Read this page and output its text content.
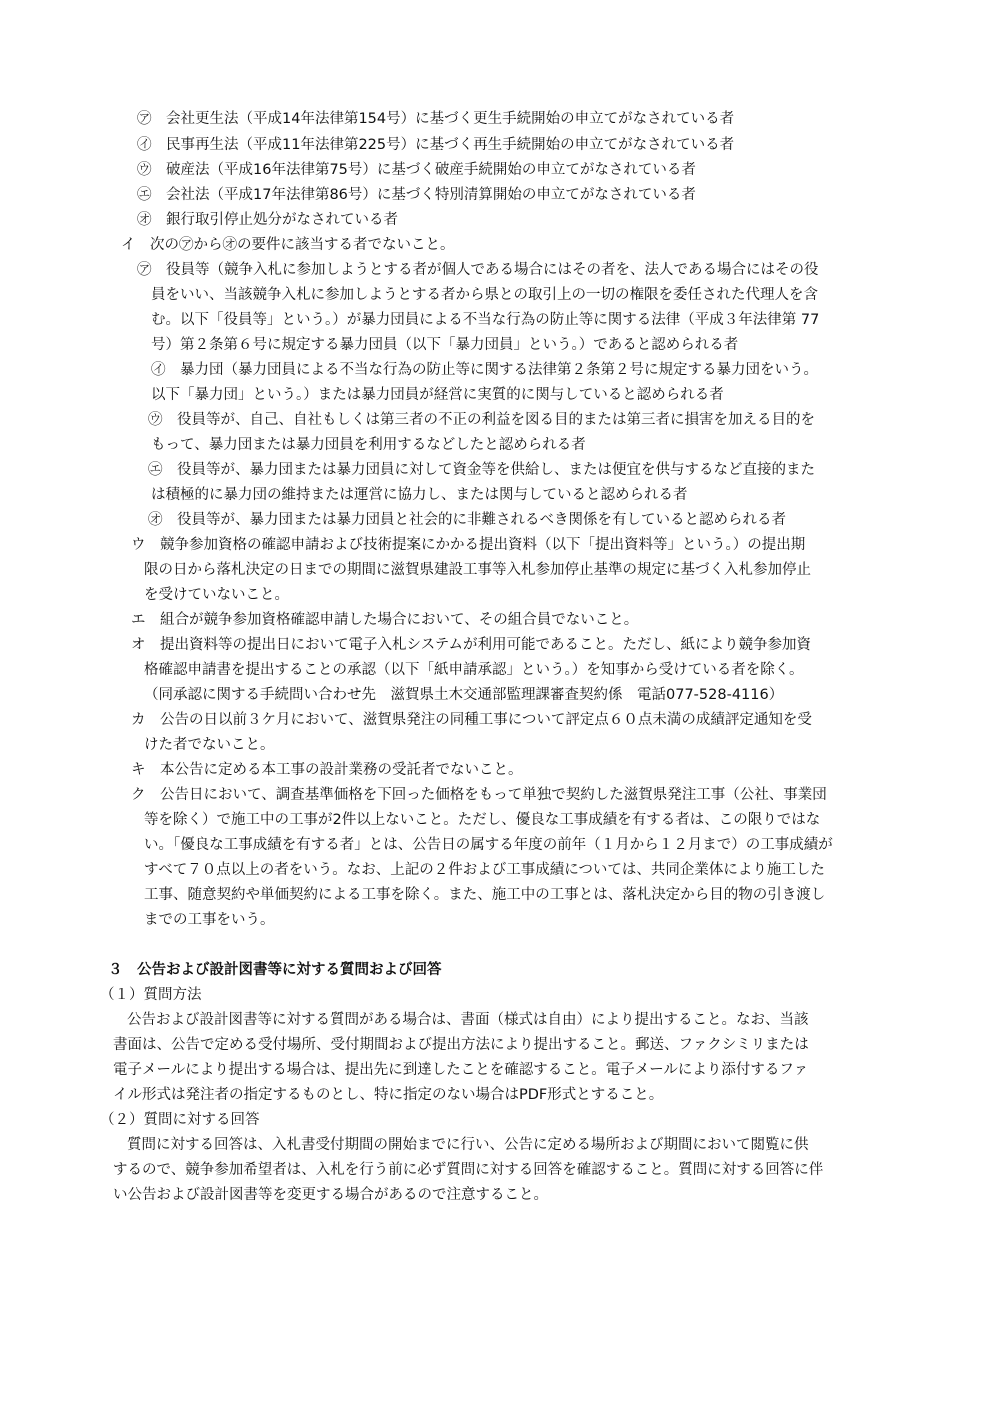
㋐　会社更生法（平成14年法律第154号）に基づく更生手続開始の申立てがなされている者
㋑　民事再生法（平成11年法律第225号）に基づく再生手続開始の申立てがなされている者
㋒　破産法（平成16年法律第75号）に基づく破産手続開始の申立てがなされている者
㋓　会社法（平成17年法律第86号）に基づく特別清算開始の申立てがなされている者
㋔　銀行取引停止処分がなされている者
イ　次の㋐から㋔の要件に該当する者でないこと。
㋐　役員等（競争入札に参加しようとする者が個人である場合にはその者を、法人である場合にはその役
員をいい、当該競争入札に参加しようとする者から県との取引上の一切の権限を委任された代理人を含
む。以下「役員等」という。）が暴力団員による不当な行為の防止等に関する法律（平成３年法律第 77
号）第２条第６号に規定する暴力団員（以下「暴力団員」という。）であると認められる者
㋑　暴力団（暴力団員による不当な行為の防止等に関する法律第２条第２号に規定する暴力団をいう。
以下「暴力団」という。）または暴力団員が経営に実質的に関与していると認められる者
㋒　役員等が、自己、自社もしくは第三者の不正の利益を図る目的または第三者に損害を加える目的を
もって、暴力団または暴力団員を利用するなどしたと認められる者
㋓　役員等が、暴力団または暴力団員に対して資金等を供給し、または便宜を供与するなど直接的また
は積極的に暴力団の維持または運営に協力し、または関与していると認められる者
㋔　役員等が、暴力団または暴力団員と社会的に非難されるべき関係を有していると認められる者
ウ　競争参加資格の確認申請および技術提案にかかる提出資料（以下「提出資料等」という。）の提出期
限の日から落札決定の日までの期間に滋賀県建設工事等入札参加停止基準の規定に基づく入札参加停止
を受けていないこと。
エ　組合が競争参加資格確認申請した場合において、その組合員でないこと。
オ　提出資料等の提出日において電子入札システムが利用可能であること。ただし、紙により競争参加資
格確認申請書を提出することの承認（以下「紙申請承認」という。）を知事から受けている者を除く。
（同承認に関する手続問い合わせ先　滋賀県土木交通部監理課審査契約係　電話077-528-4116）
カ　公告の日以前３ケ月において、滋賀県発注の同種工事について評定点６０点未満の成績評定通知を受
けた者でないこと。
キ　本公告に定める本工事の設計業務の受託者でないこと。
ク　公告日において、調査基準価格を下回った価格をもって単独で契約した滋賀県発注工事（公社、事業団
等を除く）で施工中の工事が2件以上ないこと。ただし、優良な工事成績を有する者は、この限りではな
い。「優良な工事成績を有する者」とは、公告日の属する年度の前年（１月から１２月まで）の工事成績が
すべて７０点以上の者をいう。なお、上記の２件および工事成績については、共同企業体により施工した
工事、随意契約や単価契約による工事を除く。また、施工中の工事とは、落札決定から目的物の引き渡し
までの工事をいう。
３　公告および設計図書等に対する質問および回答
（１）質問方法
公告および設計図書等に対する質問がある場合は、書面（様式は自由）により提出すること。なお、当該
書面は、公告で定める受付場所、受付期間および提出方法により提出すること。郵送、ファクシミリまたは
電子メールにより提出する場合は、提出先に到達したことを確認すること。電子メールにより添付するファ
イル形式は発注者の指定するものとし、特に指定のない場合はPDF形式とすること。
（２）質問に対する回答
質問に対する回答は、入札書受付期間の開始までに行い、公告に定める場所および期間において閲覧に供
するので、競争参加希望者は、入札を行う前に必ず質問に対する回答を確認すること。質問に対する回答に伴
い公告および設計図書等を変更する場合があるので注意すること。
